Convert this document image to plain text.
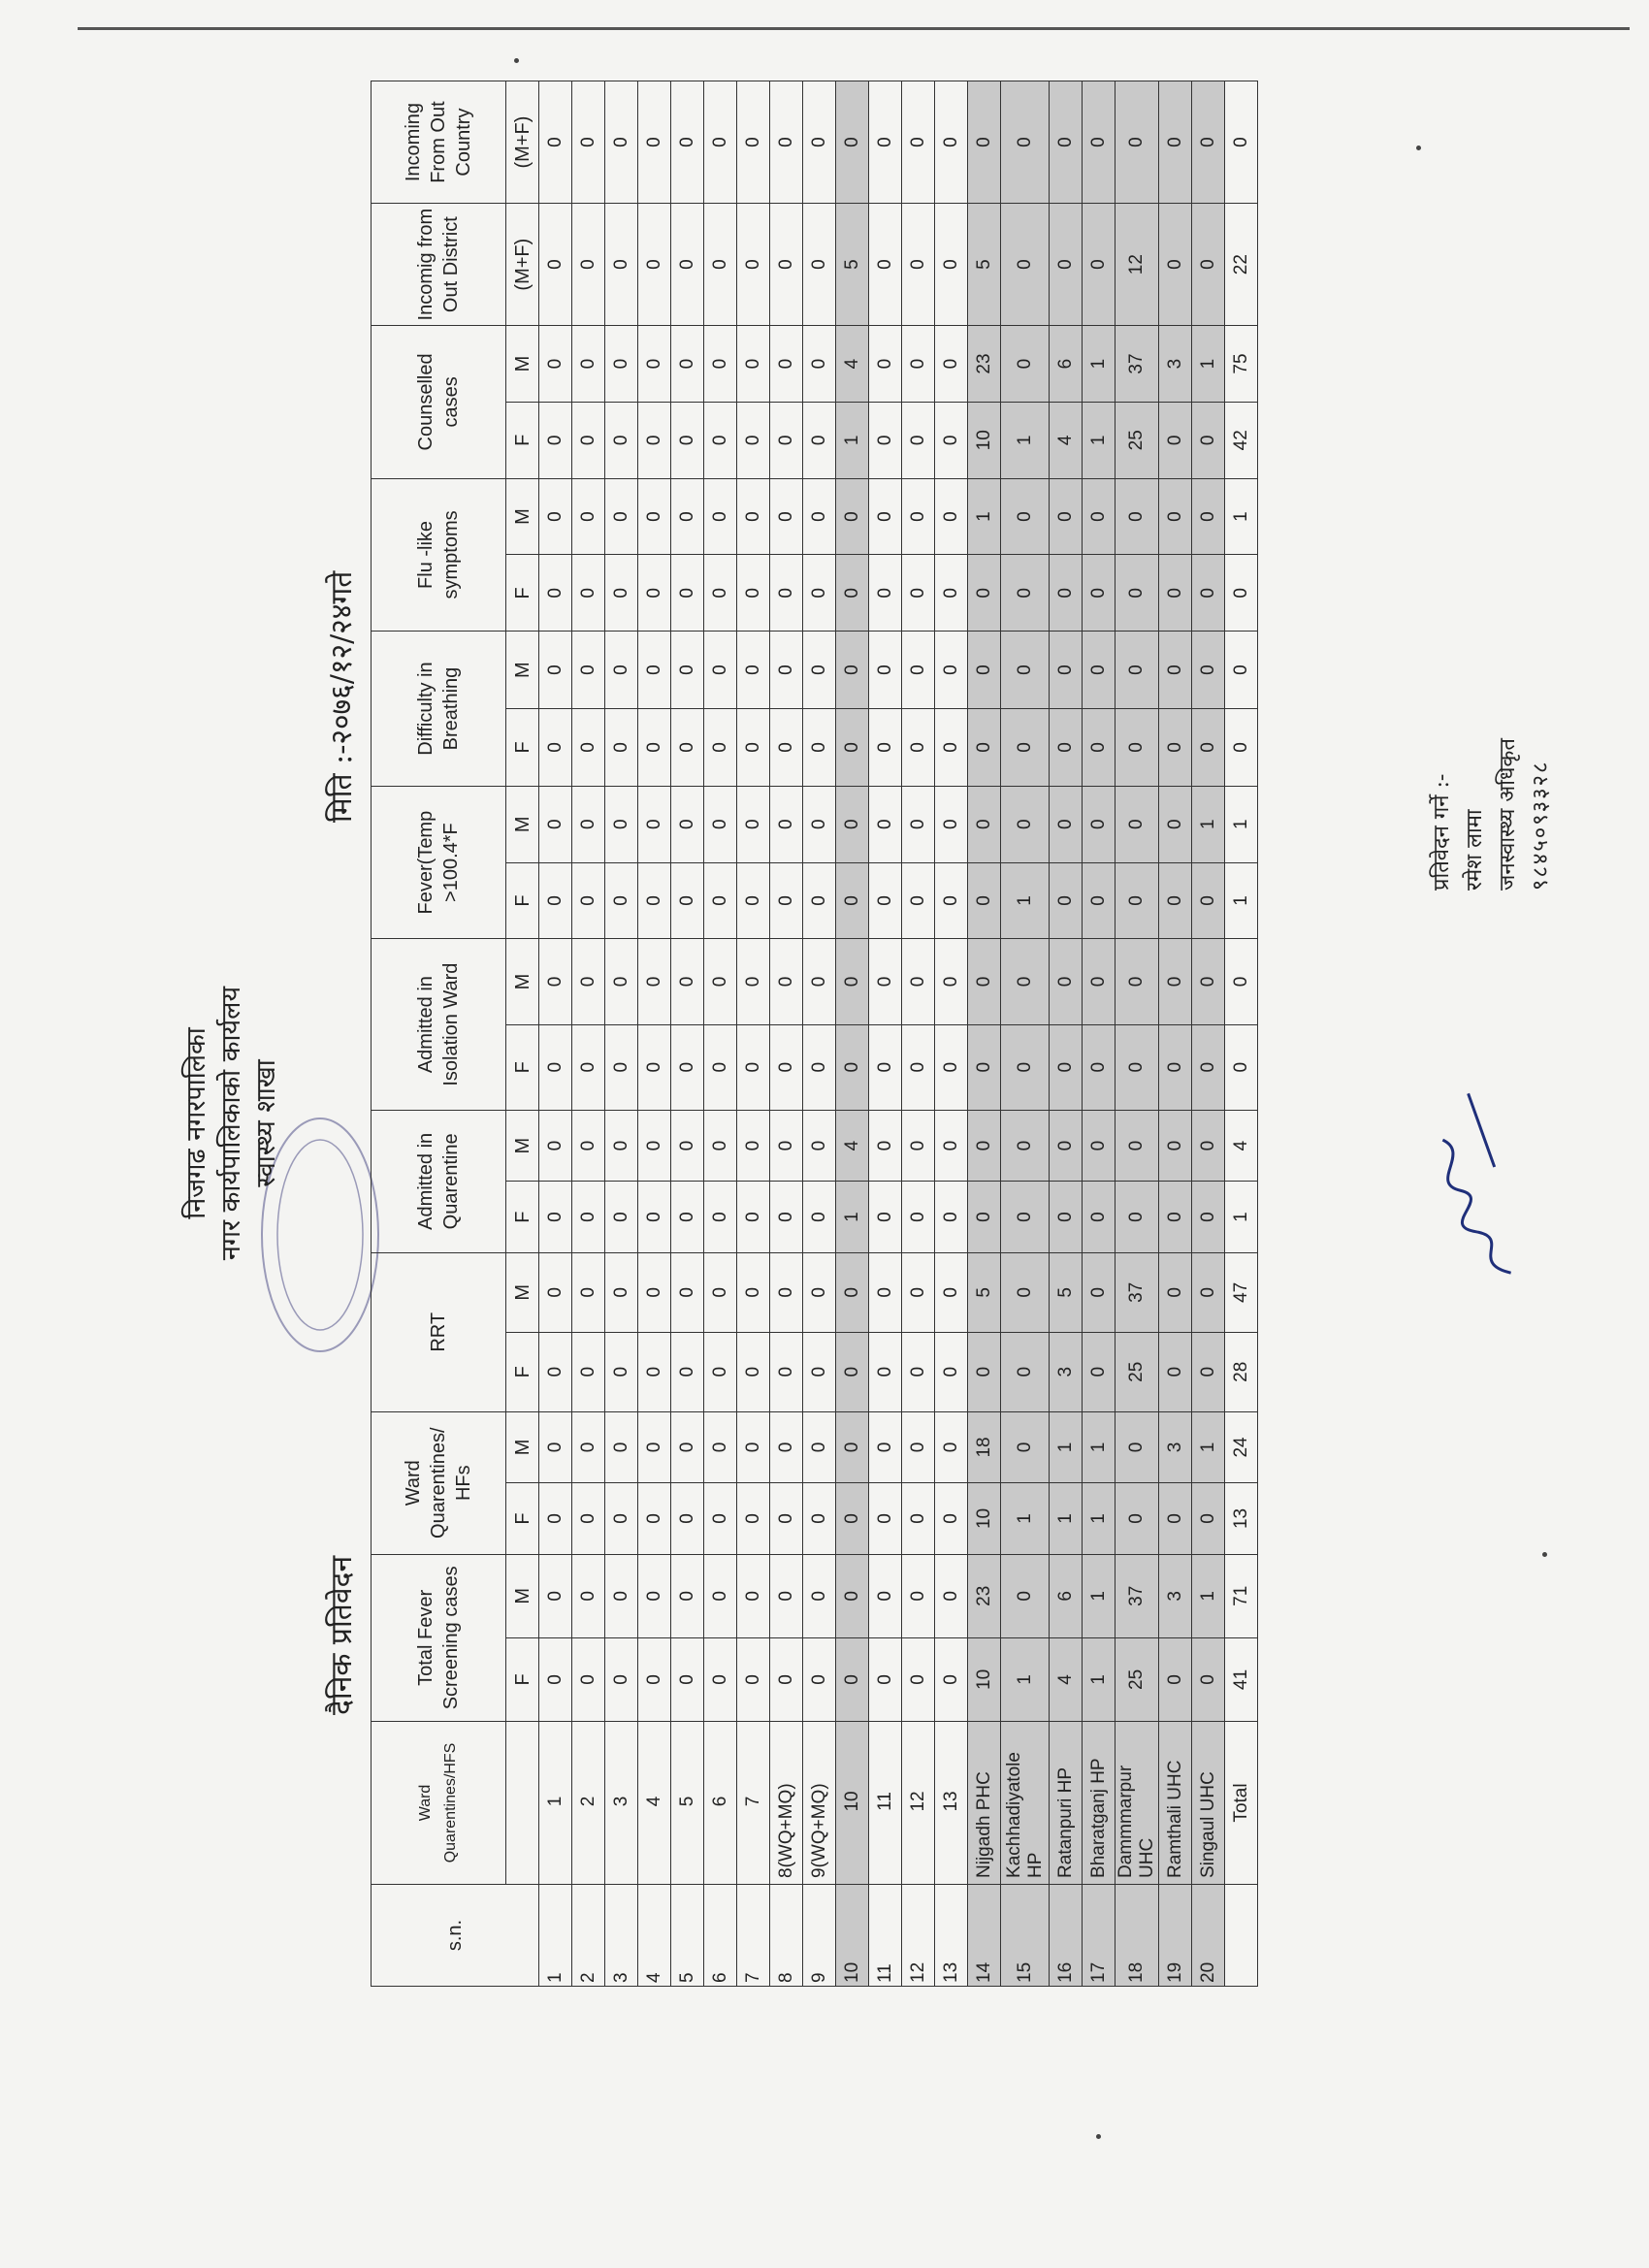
निजगढ नगरपालिका नगर कार्यपालिकाको कार्यलय स्वास्थ्य शाखा
दैनिक प्रतिवेदन
मिति :-२०७६/१२/२४गते
s.n.	Ward Quarentines/HFS	Total Fever Screening cases		Ward Quarentines/ HFs		RRT		Admitted in Quarentine		Admitted in Isolation Ward		Fever(Temp >100.4*F		Difficulty in Breathing		Flu -like symptoms		Counselled cases		Incomig from Out District	Incoming From Out Country
		F	M	F	M	F	M	F	M	F	M	F	M	F	M	F	M	F	M	(M+F)	(M+F)
1	1	0	0	0	0	0	0	0	0	0	0	0	0	0	0	0	0	0	0	0	0
2	2	0	0	0	0	0	0	0	0	0	0	0	0	0	0	0	0	0	0	0	0
3	3	0	0	0	0	0	0	0	0	0	0	0	0	0	0	0	0	0	0	0	0
4	4	0	0	0	0	0	0	0	0	0	0	0	0	0	0	0	0	0	0	0	0
5	5	0	0	0	0	0	0	0	0	0	0	0	0	0	0	0	0	0	0	0	0
6	6	0	0	0	0	0	0	0	0	0	0	0	0	0	0	0	0	0	0	0	0
7	7	0	0	0	0	0	0	0	0	0	0	0	0	0	0	0	0	0	0	0	0
8	8(WQ+MQ)	0	0	0	0	0	0	0	0	0	0	0	0	0	0	0	0	0	0	0	0
9	9(WQ+MQ)	0	0	0	0	0	0	0	0	0	0	0	0	0	0	0	0	0	0	0	0
10	10	0	0	0	0	0	0	1	4	0	0	0	0	0	0	0	0	1	4	5	0
11	11	0	0	0	0	0	0	0	0	0	0	0	0	0	0	0	0	0	0	0	0
12	12	0	0	0	0	0	0	0	0	0	0	0	0	0	0	0	0	0	0	0	0
13	13	0	0	0	0	0	0	0	0	0	0	0	0	0	0	0	0	0	0	0	0
14	Nijgadh PHC	10	23	10	18	0	5	0	0	0	0	0	0	0	0	0	1	10	23	5	0
15	Kachhadiyatole HP	1	0	1	0	0	0	0	0	0	0	1	0	0	0	0	0	1	0	0	0
16	Ratanpuri HP	4	6	1	1	3	5	0	0	0	0	0	0	0	0	0	0	4	6	0	0
17	Bharatganj HP	1	1	1	1	0	0	0	0	0	0	0	0	0	0	0	0	1	1	0	0
18	Dammmarpur UHC	25	37	0	0	25	37	0	0	0	0	0	0	0	0	0	0	25	37	12	0
19	Ramthali UHC	0	3	0	3	0	0	0	0	0	0	0	0	0	0	0	0	0	3	0	0
20	Singaul UHC	0	1	0	1	0	0	0	0	0	0	0	1	0	0	0	0	0	1	0	0
	Total	41	71	13	24	28	47	1	4	0	0	1	1	0	0	0	1	42	75	22	0
प्रतिवेदन गर्ने :- रमेश लामा जनस्वास्थ्य अधिकृत ९८४५०९३३२८
